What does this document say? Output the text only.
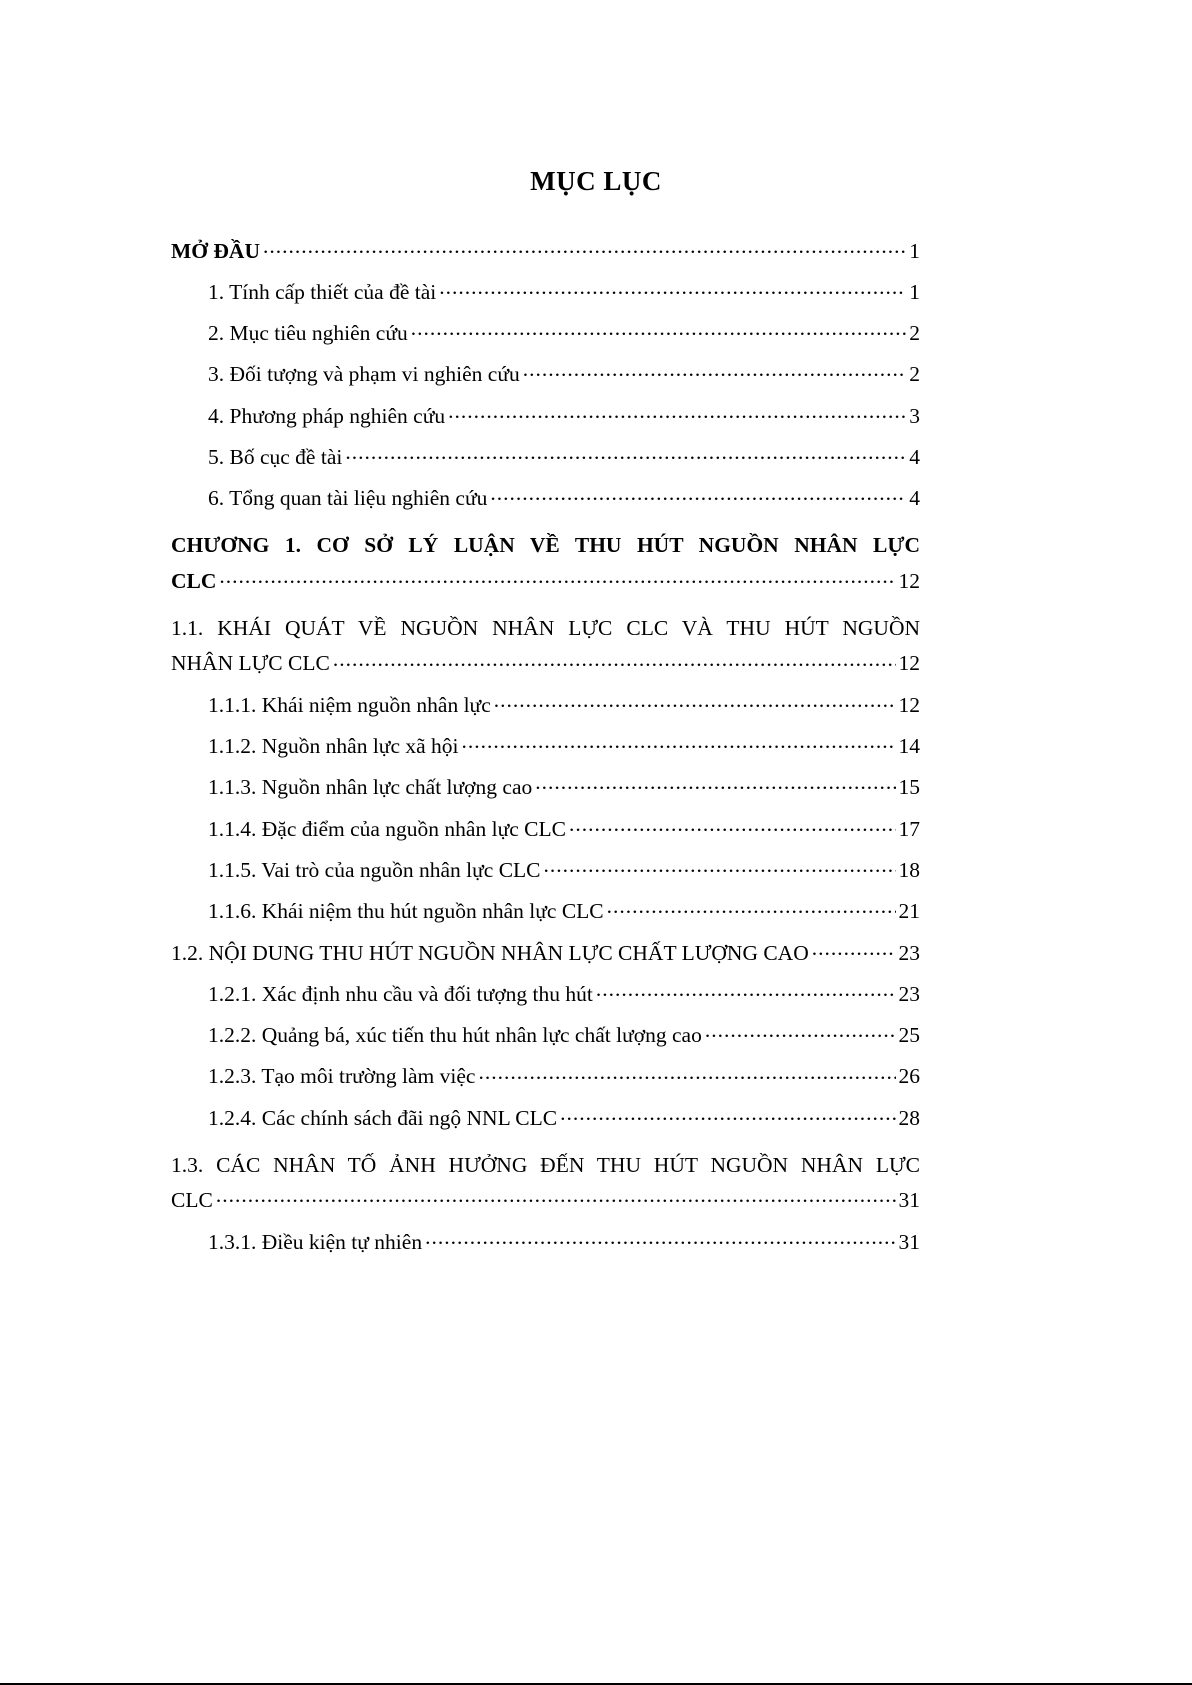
MỤC LỤC
MỞ ĐẦU .....	1
1. Tính cấp thiết của đề tài .....	1
2. Mục tiêu nghiên cứu .....	2
3. Đối tượng và phạm vi nghiên cứu .....	2
4. Phương pháp nghiên cứu .....	3
5. Bố cục đề tài .....	4
6. Tổng quan tài liệu nghiên cứu .....	4
CHƯƠNG 1. CƠ SỞ LÝ LUẬN VỀ THU HÚT NGUỒN NHÂN LỰC
CLC .....	12
1.1. KHÁI QUÁT VỀ NGUỒN NHÂN LỰC CLC VÀ THU HÚT NGUỒN
NHÂN LỰC CLC .....	12
1.1.1. Khái niệm nguồn nhân lực .....	12
1.1.2. Nguồn nhân lực xã hội .....	14
1.1.3. Nguồn nhân lực chất lượng cao .....	15
1.1.4. Đặc điểm của nguồn nhân lực CLC .....	17
1.1.5. Vai trò của nguồn nhân lực CLC .....	18
1.1.6. Khái niệm thu hút nguồn nhân lực CLC .....	21
1.2. NỘI DUNG THU HÚT NGUỒN NHÂN LỰC CHẤT LƯỢNG CAO .....	23
1.2.1. Xác định nhu cầu và đối tượng thu hút .....	23
1.2.2. Quảng bá, xúc tiến thu hút nhân lực chất lượng cao .....	25
1.2.3. Tạo môi trường làm việc .....	26
1.2.4. Các chính sách đãi ngộ NNL CLC .....	28
1.3. CÁC NHÂN TỐ ẢNH HƯỞNG ĐẾN THU HÚT NGUỒN NHÂN LỰC
CLC .....	31
1.3.1. Điều kiện tự nhiên .....	31
